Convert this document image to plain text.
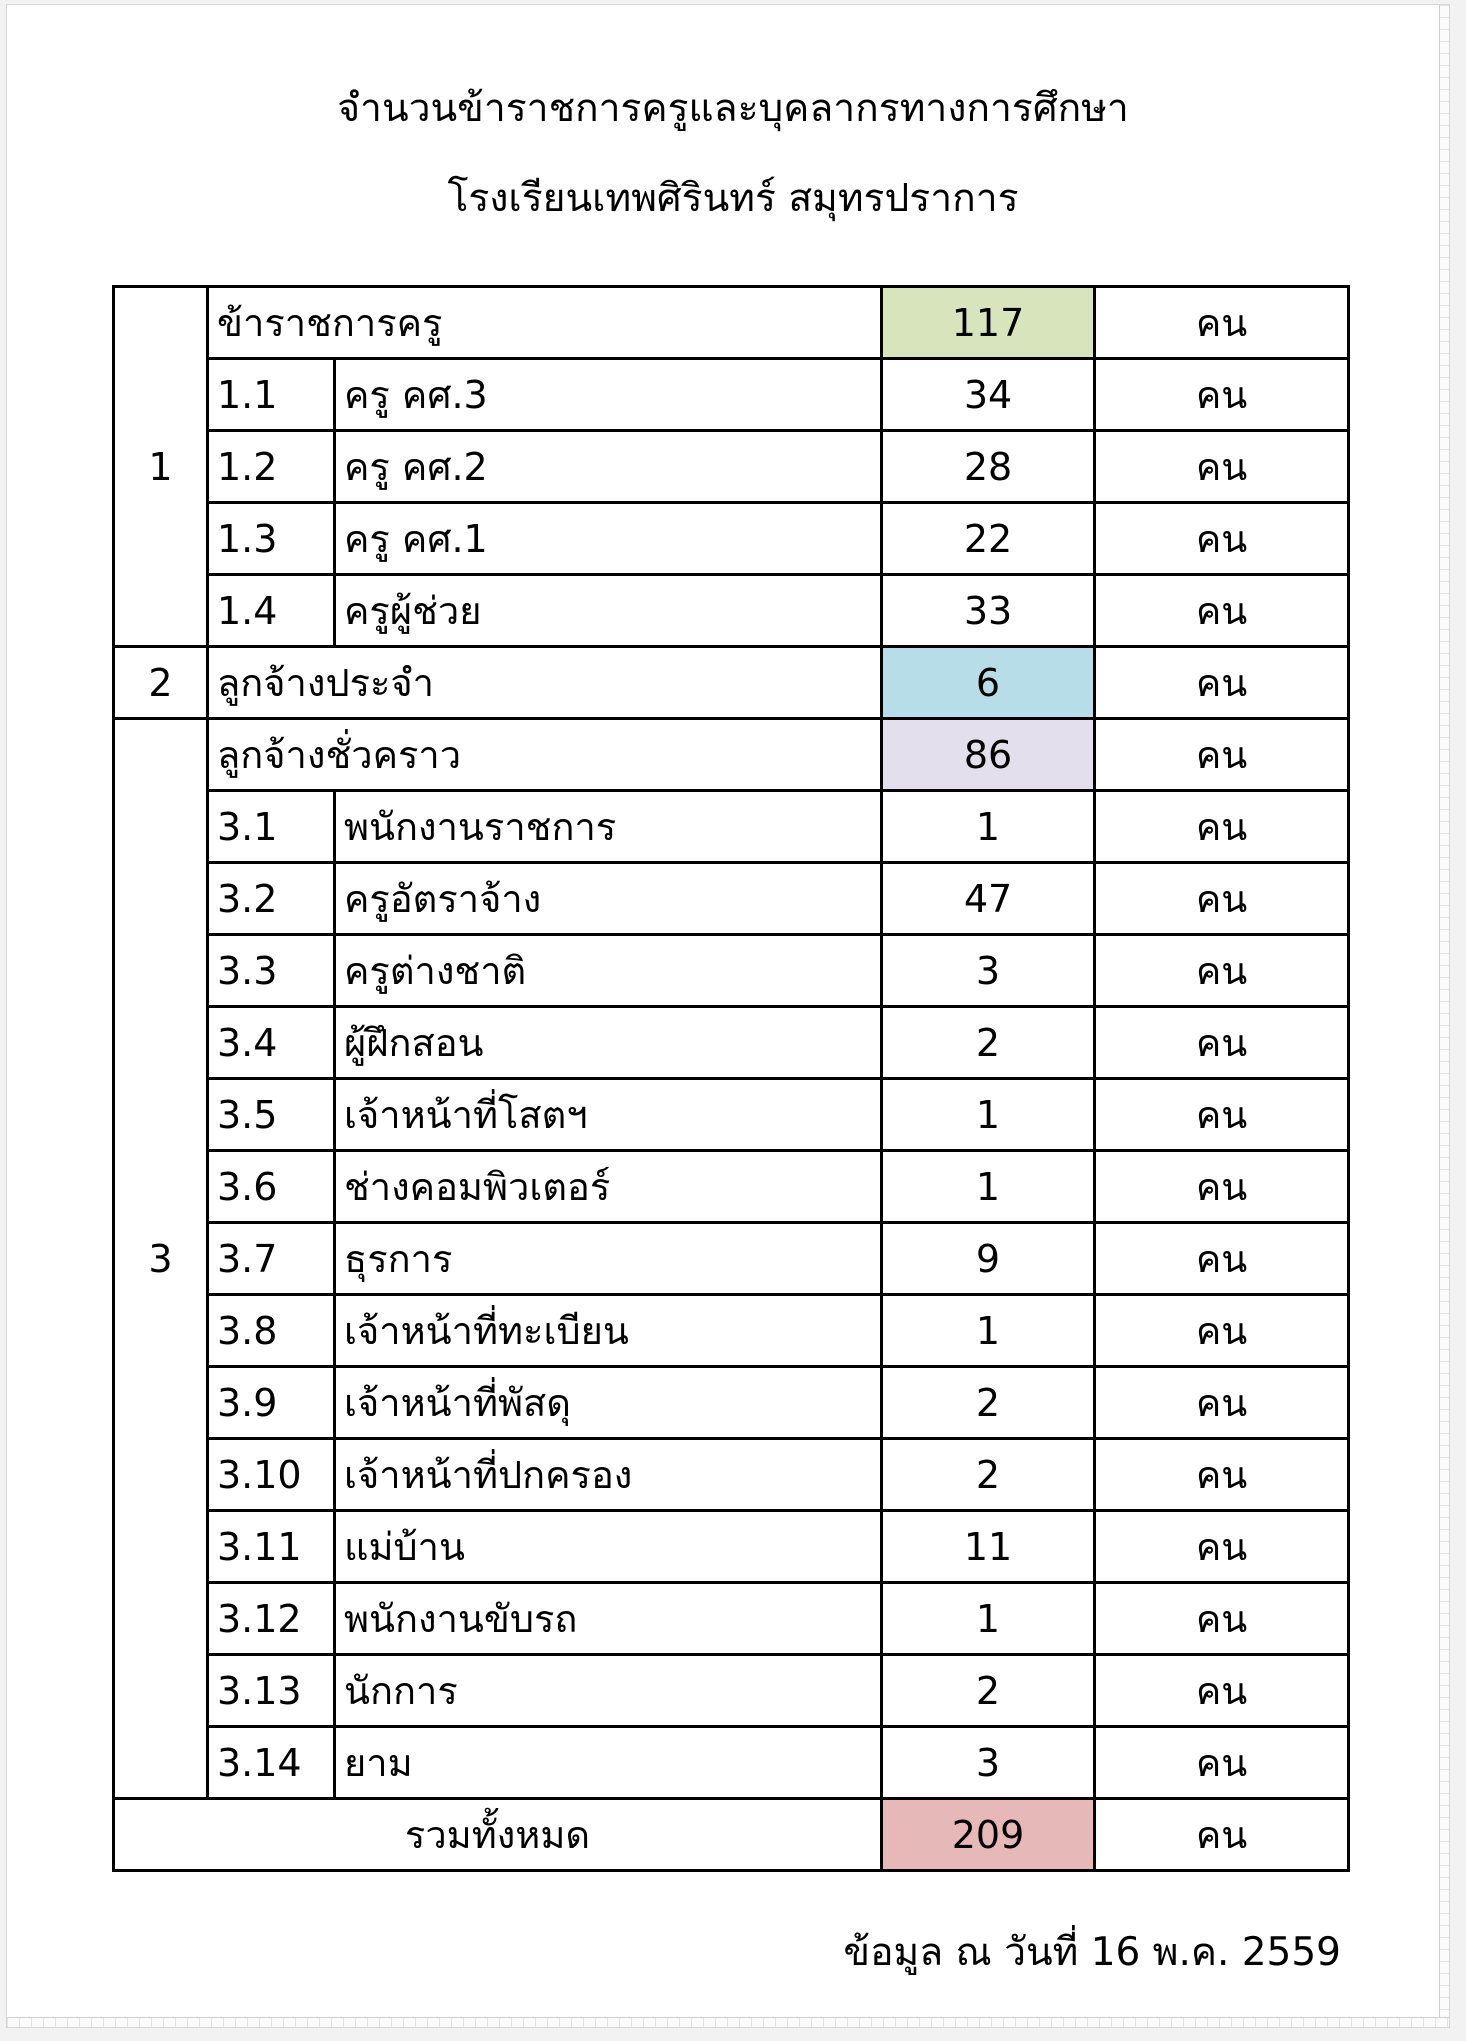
จำนวนข้าราชการครูและบุคลากรทางการศึกษา
โรงเรียนเทพศิรินทร์ สมุทรปราการ
1	ข้าราชการครู		117	คน
	1.1	ครู คศ.3	34	คน
	1.2	ครู คศ.2	28	คน
	1.3	ครู คศ.1	22	คน
	1.4	ครูผู้ช่วย	33	คน
2	ลูกจ้างประจำ		6	คน
3	ลูกจ้างชั่วคราว		86	คน
	3.1	พนักงานราชการ	1	คน
	3.2	ครูอัตราจ้าง	47	คน
	3.3	ครูต่างชาติ	3	คน
	3.4	ผู้ฝึกสอน	2	คน
	3.5	เจ้าหน้าที่โสตฯ	1	คน
	3.6	ช่างคอมพิวเตอร์	1	คน
	3.7	ธุรการ	9	คน
	3.8	เจ้าหน้าที่ทะเบียน	1	คน
	3.9	เจ้าหน้าที่พัสดุ	2	คน
	3.10	เจ้าหน้าที่ปกครอง	2	คน
	3.11	แม่บ้าน	11	คน
	3.12	พนักงานขับรถ	1	คน
	3.13	นักการ	2	คน
	3.14	ยาม	3	คน
รวมทั้งหมด			209	คน
ข้อมูล ณ วันที่ 16 พ.ค. 2559
